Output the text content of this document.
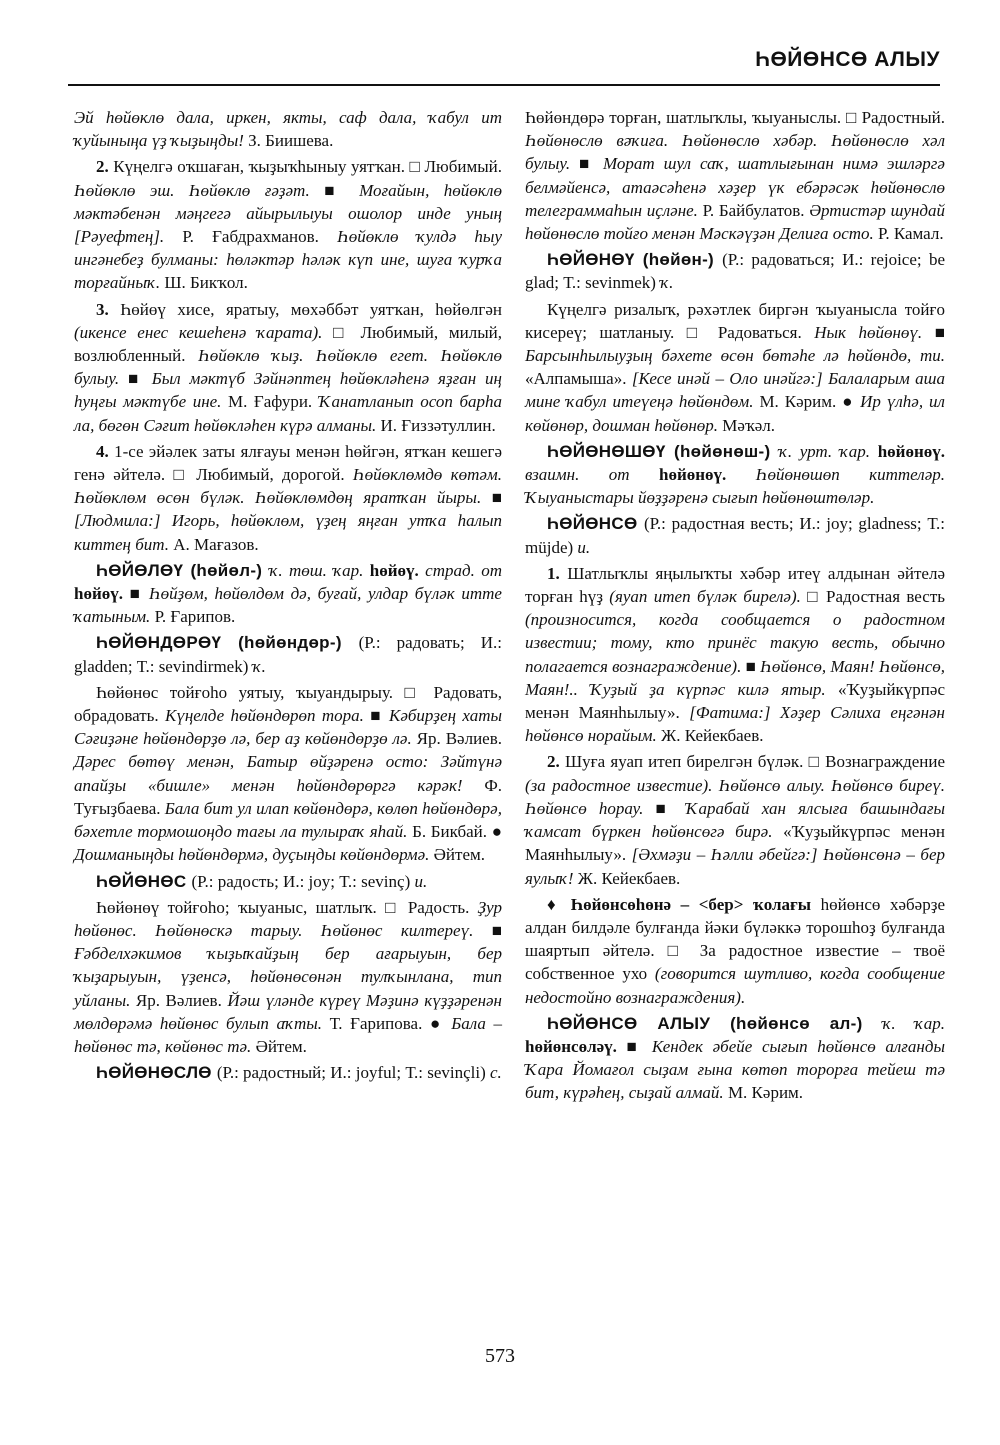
ҺӨЙӨНСӨ АЛЫУ

Эй һөйөклө дала, иркен, якты, саф дала, ҡабул ит ҡуйыныңа үҙ ҡыҙыңды! З. Биишева.

2. Күңелгә оҡшаған, ҡыҙыҡһыныу уятҡан. □ Любимый. Һөйөклө эш. Һөйөклө ғәҙәт. ■ Моғайын, һөйөклө мәктәбенән мәңгегә айырылыуы ошолор инде уның [Рәуефтең]. Р. Ғабдрахманов. Һөйөклө ҡулдә һыу ингәнебеҙ булманы: һөләктәр һәләк күп ине, шуға ҡурҡа торғайныҡ. Ш. Бикҡол.

3. Һөйөү хисе, яратыу, мөхәббәт уятҡан, һөйөлгән (икенсе енес кешеһенә ҡарата). □ Любимый, милый, возлюбленный. Һөйөклө ҡыҙ. Һөйөклө егет. Һөйөклө булыу. ■ Был мәктүб Зәйнәптең һөйөкләһенә яҙған иң һуңғы мәктүбе ине. М. Ғафури. Ҡанатланып осоп барһа ла, бөгөн Сәғит һөйөкләһен күрә алманы. И. Ғиззәтуллин.

4. 1-се эйәлек заты ялғауы менән һөйгән, ятҡан кешегә генә әйтелә. □ Любимый, дорогой. Һөйөклөмдө көтәм. Һөйөклөм өсөн бүләк. Һөйөклөмдөң яратҡан йыры. ■ [Людмила:] Игорь, һөйөклөм, үҙең яңған утҡа һалып киттең бит. А. Мағазов.

ҺӨЙӨЛӨҮ (һөйөл-) ҡ. төш. ҡар. һөйөү. страд. от һөйөү. ■ Һөйҙөм, һөйөлдөм дә, буғай, улдар бүләк итте ҡатыным. Р. Ғарипов.

ҺӨЙӨНДӨРӨҮ (һөйөндөр-) (Р.: радовать; И.: gladden; Т.: sevindirmek) ҡ.

Һөйөнөс тойғоһо уятыу, ҡыуандырыу. □ Радовать, обрадовать. Күңелде һөйөндөрөп тора. ■ Кәбирҙең хаты Сәғиҙәне һөйөндөрҙө лә, бер аҙ көйөндөрҙө лә. Яр. Вәлиев. Дәрес бөтөү менән, Батыр өйҙәренә осто: Зәйтүнә апайҙы «бишле» менән һөйөндөрөргә кәрәк! Ф. Туғыҙбаева. Бала бит ул илап көйөндөрә, көлөп һөйөндөрә, бәхетле тормошоңдо тағы ла тулыраҡ яһай. Б. Бикбай. ● Дошманыңды һөйөндөрмә, дуҫыңды көйөндөрмә. Әйтем.

ҺӨЙӨНӨС (Р.: радость; И.: joy; Т.: sevinç) и.

Һөйөнөү тойғоһо; ҡыуаныс, шатлыҡ. □ Радость. Ҙур һөйөнөс. Һөйөнөскә тарыу. Һөйөнөс килтереү. ■ Ғәбделхәкимов ҡыҙыҡайҙың бер ағарыуын, бер ҡыҙарыуын, үҙенсә, һөйөнөсөнән тулҡынлана, тип уйланы. Яр. Вәлиев. Йәш үләнде күреү Мәҙинә күҙҙәренән мөлдөрәмә һөйөнөс булып аҡты. Т. Ғарипова. ● Бала – һөйөнөс тә, көйөнөс тә. Әйтем.

ҺӨЙӨНӨСЛӨ (Р.: радостный; И.: joyful; Т.: sevinçli) с.

Һөйөндөрә торған, шатлыҡлы, ҡыуаныслы. □ Радостный. Һөйөнөслө вәҡиға. Һөйөнөслө хәбәр. Һөйөнөслө хәл булыу. ■ Морат шул саҡ, шатлығынан нимә эшләргә белмәйенсә, атаәсәһенә хәҙер үк ебәрәсәк һөйөнөслө телеграммаһын иҫләне. Р. Байбулатов. Әртистәр шундай һөйөнөслө тойғо менән Мәскәүҙән Делиға осто. Р. Камал.

ҺӨЙӨНӨҮ (һөйөн-) (Р.: радоваться; И.: rejoice; be glad; Т.: sevinmek) ҡ.

Күңелгә ризалыҡ, рәхәтлек биргән ҡыуанысла тойғо кисереү; шатланыу. □ Радоваться. Нык һөйөнөү. ■ Барсынһылыуҙың бәхете өсөн бөтәһе лә һөйөндө, ти. «Алпамыша». [Кесе инәй – Оло инәйгә:] Балаларым аша мине ҡабул итеүеңә һөйөндөм. М. Кәрим. ● Ир үлһә, ил көйөнөр, дошман һөйөнөр. Мәҡәл.

ҺӨЙӨНӨШӨҮ (һөйөнөш-) ҡ. урт. ҡар. һөйөнөү. взаимн. от һөйөнөү. Һөйөнөшөп киттеләр. Ҡыуаныстары йөҙҙәренә сығып һөйөнөштөләр.

ҺӨЙӨНСӨ (Р.: радостная весть; И.: joy; gladness; Т.: müjde) и.

1. Шатлыҡлы яңылыҡты хәбәр итеү алдынан әйтелә торған һүҙ (яуап итеп бүләк бирелә). □ Радостная весть (произносится, когда сообщается о радостном известии; тому, кто принёс такую весть, обычно полагается вознаграждение). ■ Һөйөнсө, Маян! Һөйөнсө, Маян!.. Ҡуҙый ҙа күрпәс килә ятыр. «Ҡуҙыйкүрпәс менән Маянһылыу». [Фатима:] Хәҙер Сәлиха еңгәнән һөйөнсө норайым. Ж. Кейекбаев.

2. Шуға яуап итеп бирелгән бүләк. □ Вознаграждение (за радостное известие). Һөйөнсө алыу. Һөйөнсө биреү. Һөйөнсө һорау. ■ Ҡарабай хан ялсыға башындағы ҡамсат бүркен һөйөнсөгә бирә. «Ҡуҙыйкүрпәс менән Маянһылыу». [Әхмәҙи – Һәлли әбейгә:] Һөйөнсөнә – бер яулыҡ! Ж. Кейекбаев.

♦ Һөйөнсөһөнә – <бер> ҡолағы һөйөнсө хәбәрҙе алдан билдәле булғанда йәки бүләккә торошһоҙ булғанда шаяртып әйтелә. □ За радостное известие – твоё собственное ухо (говорится шутливо, когда сообщение недостойно вознаграждения).

ҺӨЙӨНСӨ АЛЫУ (һөйөнсө ал-) ҡ. ҡар. һөйөнсөләү. ■ Кендек әбейе сығып һөйөнсө алғанды Ҡара Йомағол сыҙам ғына көтөп торорға тейеш тә бит, күрәһең, сыҙай алмай. М. Кәрим.

573
